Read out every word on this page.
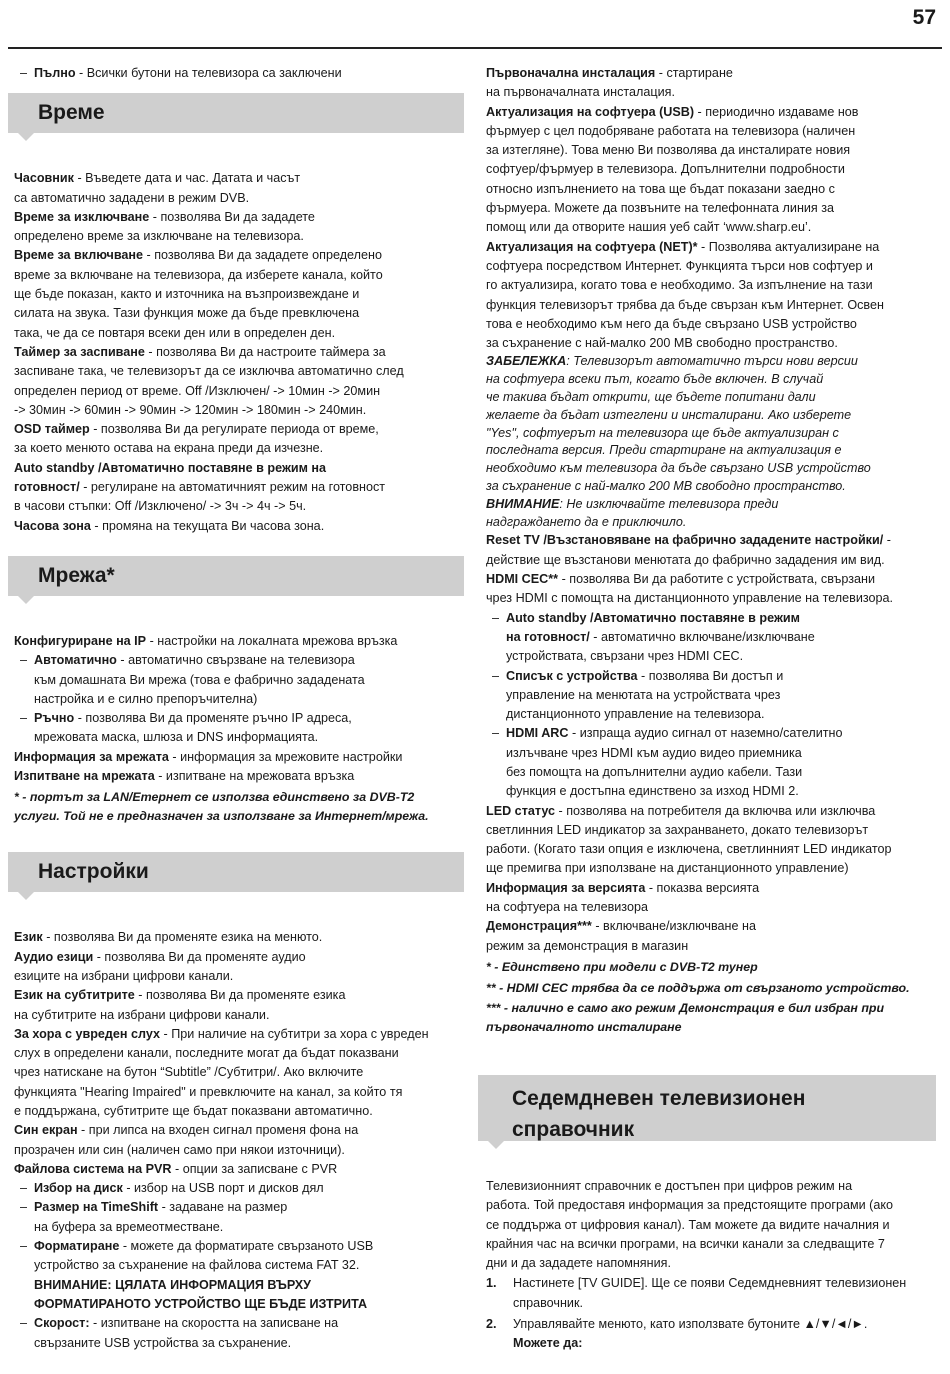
57

– Пълно - Всички бутони на телевизора са заключени

Време

Часовник - Въведете дата и час. Датата и часът
са автоматично зададени в режим DVB.

Време за изключване - позволява Ви да зададете
определено време за изключване на телевизора.

Време за включване - позволява Ви да зададете определено
време за включване на телевизора, да изберете канала, който
ще бъде показан, както и източника на възпроизвеждане и
силата на звука. Тази функция може да бъде превключена
така, че да се повтаря всеки ден или в определен ден.

Таймер за заспиване - позволява Ви да настроите таймера за
заспиване така, че телевизорът да се изключва автоматично след
определен период от време. Off /Изключен/ -> 10мин -> 20мин
-> 30мин -> 60мин -> 90мин -> 120мин -> 180мин -> 240мин.

OSD таймер - позволява Ви да регулирате периода от време,
за което менюто остава на екрана преди да изчезне.

Auto standby /Автоматично поставяне в режим на
готовност/ - регулиране на автоматичният режим на готовност
в часови стъпки: Off /Изключено/ -> 3ч -> 4ч -> 5ч.

Часова зона - промяна на текущата Ви часова зона.

Мрежа*

Конфигуриране на IP - настройки на локалната мрежова връзка

– Автоматично - автоматично свързване на телевизора
към домашната Ви мрежа (това е фабрично зададената
настройка и е силно препоръчителна)

– Ръчно - позволява Ви да променяте ръчно IP адреса,
мрежовата маска, шлюза и DNS информацията.

Информация за мрежата - информация за мрежовите настройки

Изпитване на мрежата - изпитване на мрежовата връзка

* - портът за LAN/Етернет се използва единствено за DVB-T2
услуги. Той не е предназначен за използване за Интернет/мрежа.

Настройки

Език - позволява Ви да променяте езика на менюто.

Аудио езици - позволява Ви да променяте аудио
езиците на избрани цифрови канали.

Език на субтитрите - позволява Ви да променяте езика
на субтитрите на избрани цифрови канали.

За хора с увреден слух - При наличие на субтитри за хора с увреден
слух в определени канали, последните могат да бъдат показвани
чрез натискане на бутон “Subtitle” /Субтитри/. Ако включите
функцията "Hearing Impaired" и превключите на канал, за който тя
е поддържана, субтитрите ще бъдат показвани автоматично.

Син екран - при липса на входен сигнал променя фона на
прозрачен или син (наличен само при някои източници).

Файлова система на PVR - опции за записване с PVR

– Избор на диск - избор на USB порт и дисков дял

– Размер на TimeShift - задаване на размер
на буфера за времеотместване.

– Форматиране - можете да форматирате свързаното USB
устройство за съхранение на файлова система FAT 32.

ВНИМАНИЕ: ЦЯЛАТА ИНФОРМАЦИЯ ВЪРХУ
ФОРМАТИРАНОТО УСТРОЙСТВО ЩЕ БЪДЕ ИЗТРИТА

– Скорост: - изпитване на скоростта на записване на
свързаните USB устройства за съхранение.

Първоначална инсталация - стартиране
на първоначалната инсталация.

Актуализация на софтуера (USB) - периодично издаваме нов
фърмуер с цел подобряване работата на телевизора (наличен
за изтегляне). Това меню Ви позволява да инсталирате новия
софтуер/фърмуер в телевизора. Допълнителни подробности
относно изпълнението на това ще бъдат показани заедно с
фърмуера. Можете да позвъните на телефонната линия за
помощ или да отворите нашия уеб сайт ‘www.sharp.eu’.

Актуализация на софтуера (NET)* - Позволява актуализиране на
софтуера посредством Интернет. Функцията търси нов софтуер и
го актуализира, когато това е необходимо. За изпълнение на тази
функция телевизорът трябва да бъде свързан към Интернет. Освен
това е необходимо към него да бъде свързано USB устройство
за съхранение с най-малко 200 MB свободно пространство.

ЗАБЕЛЕЖКА: Телевизорът автоматично търси нови версии
на софтуера всеки път, когато бъде включен. В случай
че такива бъдат открити, ще бъдете попитани дали
желаете да бъдат изтеглени и инсталирани. Ако изберете
"Yes", софтуерът на телевизора ще бъде актуализиран с
последната версия. Преди стартиране на актуализация е
необходимо към телевизора да бъде свързано USB устройство
за съхранение с най-малко 200 MB свободно пространство.

ВНИМАНИЕ: Не изключвайте телевизора преди
надграждането да е приключило.

Reset TV /Възстановяване на фабрично зададените настройки/ -
действие ще възстанови менютата до фабрично зададения им вид.

HDMI CEC** - позволява Ви да работите с устройствата, свързани
чрез HDMI с помощта на дистанционното управление на телевизора.

– Auto standby /Автоматично поставяне в режим
на готовност/ - автоматично включване/изключване
устройствата, свързани чрез HDMI CEC.

– Списък с устройства - позволява Ви достъп и
управление на менютата на устройствата чрез
дистанционното управление на телевизора.

– HDMI ARC - изпраща аудио сигнал от наземно/сателитно
излъчване чрез HDMI към аудио видео приемника
без помощта на допълнителни аудио кабели. Тази
функция е достъпна единствено за изход HDMI 2.

LED статус - позволява на потребителя да включва или изключва
светлинния LED индикатор за захранването, докато телевизорът
работи. (Когато тази опция е изключена, светлинният LED индикатор
ще премигва при използване на дистанционното управление)

Информация за версията - показва версията
на софтуера на телевизора

Демонстрация*** - включване/изключване на
режим за демонстрация в магазин

* - Единствено при модели с DVB-T2 тунер

** - HDMI CEC трябва да се поддържа от свързаното устройство.

*** - налично е само ако режим Демонстрация е бил избран при
първоначалното инсталиране

Седемдневен телевизионен
справочник

Телевизионният справочник е достъпен при цифров режим на
работа. Той предоставя информация за предстоящите програми (ако
се поддържа от цифровия канал). Там можете да видите началния и
крайния час на всички програми, на всички канали за следващите 7
дни и да зададете напомняния.

1. Настинете [TV GUIDE]. Ще се появи Седемдневният телевизионен
справочник.

2. Управлявайте менюто, като използвате бутоните ▲/▼/◄/►.
Можете да:
